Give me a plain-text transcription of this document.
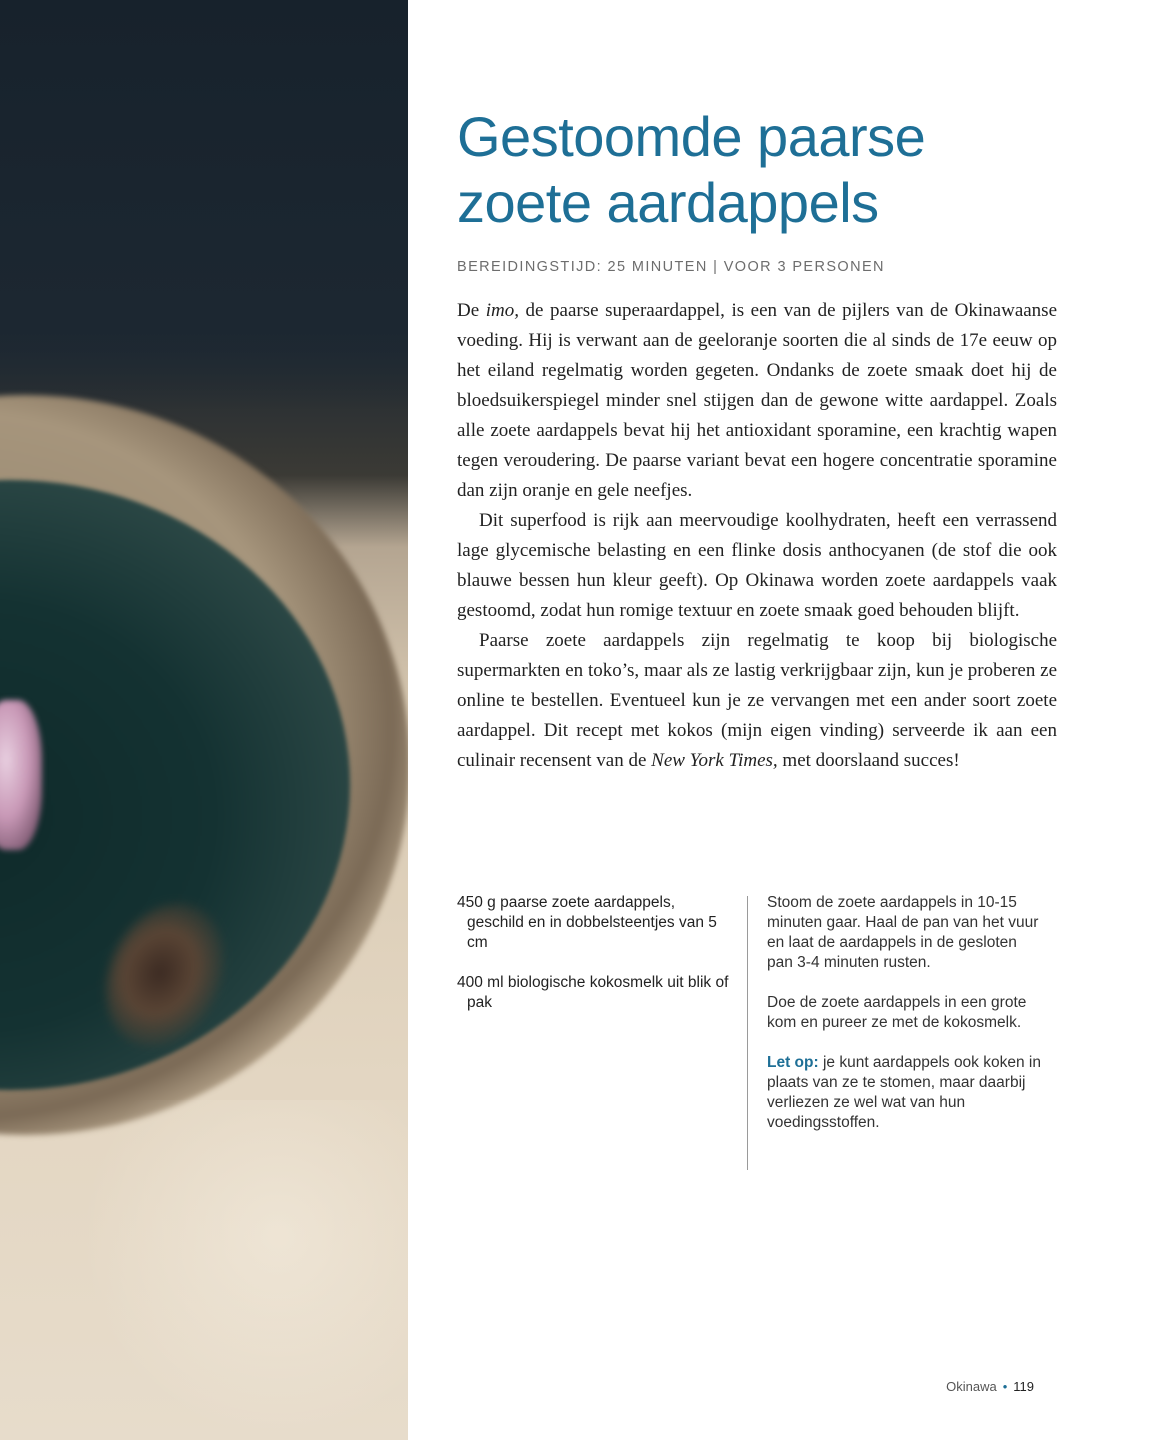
Gestoomde paarse
zoete aardappels
BEREIDINGSTIJD: 25 MINUTEN | VOOR 3 PERSONEN

De imo, de paarse superaardappel, is een van de pijlers van de Okinawaanse voeding. Hij is verwant aan de geeloranje soorten die al sinds de 17e eeuw op het eiland regelmatig worden gegeten. Ondanks de zoete smaak doet hij de bloedsuikerspiegel minder snel stijgen dan de gewone witte aardappel. Zoals alle zoete aardappels bevat hij het antioxidant sporamine, een krachtig wapen tegen veroudering. De paarse variant bevat een hogere concentratie sporamine dan zijn oranje en gele neefjes.

Dit superfood is rijk aan meervoudige koolhydraten, heeft een verrassend lage glycemische belasting en een flinke dosis anthocyanen (de stof die ook blauwe bessen hun kleur geeft). Op Okinawa worden zoete aardappels vaak gestoomd, zodat hun romige textuur en zoete smaak goed behouden blijft.

Paarse zoete aardappels zijn regelmatig te koop bij biologische supermarkten en toko’s, maar als ze lastig verkrijgbaar zijn, kun je proberen ze online te bestellen. Eventueel kun je ze vervangen met een ander soort zoete aardappel. Dit recept met kokos (mijn eigen vinding) serveerde ik aan een culinair recensent van de New York Times, met doorslaand succes!

450 g paarse zoete aardappels, geschild en in dobbelsteentjes van 5 cm

400 ml biologische kokosmelk uit blik of pak

Stoom de zoete aardappels in 10-15 minuten gaar. Haal de pan van het vuur en laat de aardappels in de gesloten pan 3-4 minuten rusten.

Doe de zoete aardappels in een grote kom en pureer ze met de kokosmelk.

Let op: je kunt aardappels ook koken in plaats van ze te stomen, maar daarbij verliezen ze wel wat van hun voedingsstoffen.

Okinawa • 119
